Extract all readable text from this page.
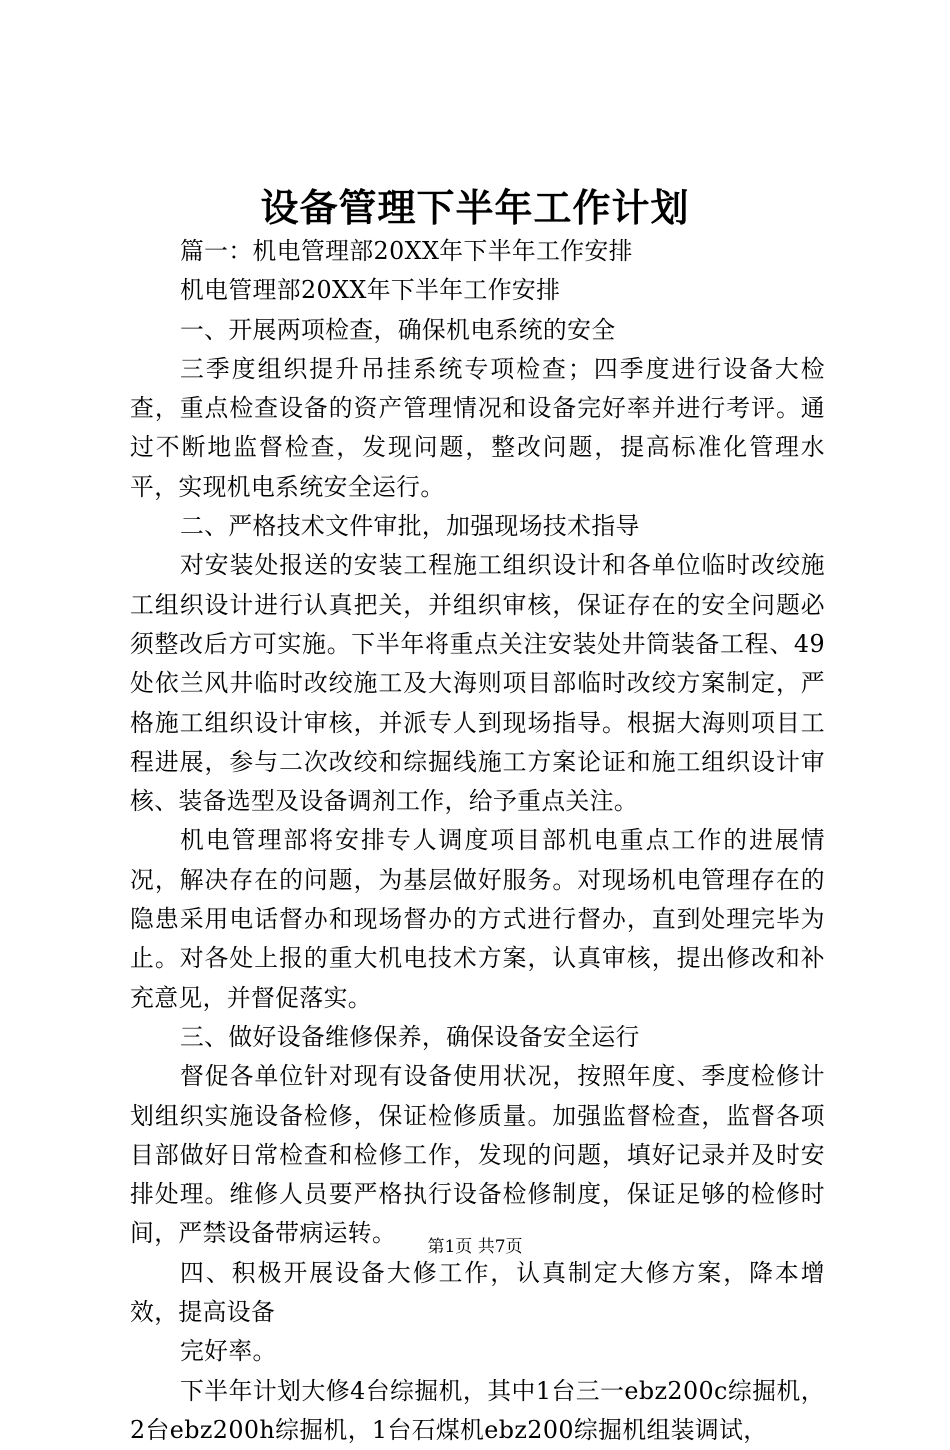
设备管理下半年工作计划

篇一：机电管理部20XX年下半年工作安排

机电管理部20XX年下半年工作安排

一、开展两项检查，确保机电系统的安全

三季度组织提升吊挂系统专项检查；四季度进行设备大检查，重点检查设备的资产管理情况和设备完好率并进行考评。通过不断地监督检查，发现问题，整改问题，提高标准化管理水平，实现机电系统安全运行。

二、严格技术文件审批，加强现场技术指导

对安装处报送的安装工程施工组织设计和各单位临时改绞施工组织设计进行认真把关，并组织审核，保证存在的安全问题必须整改后方可实施。下半年将重点关注安装处井筒装备工程、49处依兰风井临时改绞施工及大海则项目部临时改绞方案制定，严格施工组织设计审核，并派专人到现场指导。根据大海则项目工程进展，参与二次改绞和综掘线施工方案论证和施工组织设计审核、装备选型及设备调剂工作，给予重点关注。

机电管理部将安排专人调度项目部机电重点工作的进展情况，解决存在的问题，为基层做好服务。对现场机电管理存在的隐患采用电话督办和现场督办的方式进行督办，直到处理完毕为止。对各处上报的重大机电技术方案，认真审核，提出修改和补充意见，并督促落实。

三、做好设备维修保养，确保设备安全运行

督促各单位针对现有设备使用状况，按照年度、季度检修计划组织实施设备检修，保证检修质量。加强监督检查，监督各项目部做好日常检查和检修工作，发现的问题，填好记录并及时安排处理。维修人员要严格执行设备检修制度，保证足够的检修时间，严禁设备带病运转。

四、积极开展设备大修工作，认真制定大修方案，降本增效，提高设备

完好率。

下半年计划大修4台综掘机，其中1台三一ebz200c综掘机，2台ebz200h综掘机，1台石煤机ebz200综掘机组装调试，

第1页 共7页
